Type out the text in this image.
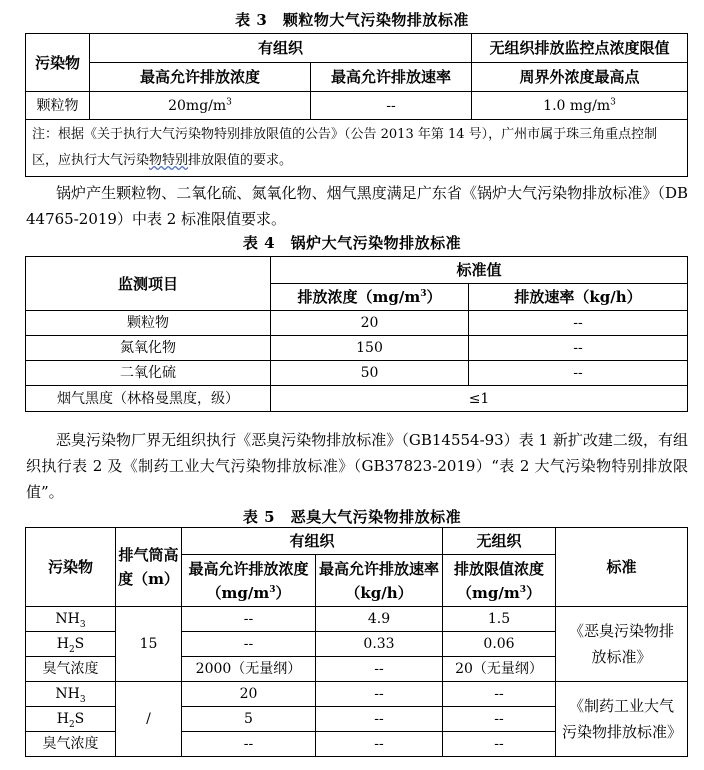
表 3　颗粒物大气污染物排放标准
污染物	有组织		无组织排放监控点浓度限值
	最高允许排放浓度	最高允许排放速率	周界外浓度最高点
颗粒物	$20mg/m^3$	--	1.0 $mg/m^3$
注：根据《关于执行大气污染物特别排放限值的公告》（公告 2013 年第 14 号），广州市属于珠三角重点控制区，应执行大气污染物特别排放限值的要求。			
锅炉产生颗粒物、二氧化硫、氮氧化物、烟气黑度满足广东省《锅炉大气污染物排放标准》（DB 44765-2019）中表 2 标准限值要求。
表 4　锅炉大气污染物排放标准
监测项目	标准值	
	排放浓度$(mg/m^3)$	排放速率（kg/h）
颗粒物	20	--
氮氧化物	150	--
二氧化硫	50	--
烟气黑度（林格曼黑度，级）	≤1	
恶臭污染物厂界无组织执行《恶臭污染物排放标准》（GB14554-93）表 1 新扩改建二级，有组织执行表 2 及《制药工业大气污染物排放标准》（GB37823-2019）“表 2 大气污染物特别排放限值”。
表 5　恶臭大气污染物排放标准
污染物	排气筒高度（m）	有组织		无组织	标准
		最高允许排放浓度$(mg/m^3)$	最高允许排放速率（kg/h）	排放限值浓度$(mg/m^3)$	
$NH_3$	15	--	4.9	1.5	《恶臭污染物排放标准》
$H_2S$		--	0.33	0.06	
臭气浓度		2000（无量纲）	--	20（无量纲）	
$NH_3$	/	20	--	--	《制药工业大气污染物排放标准》
$H_2S$		5	--	--	
臭气浓度		--	--	--	
